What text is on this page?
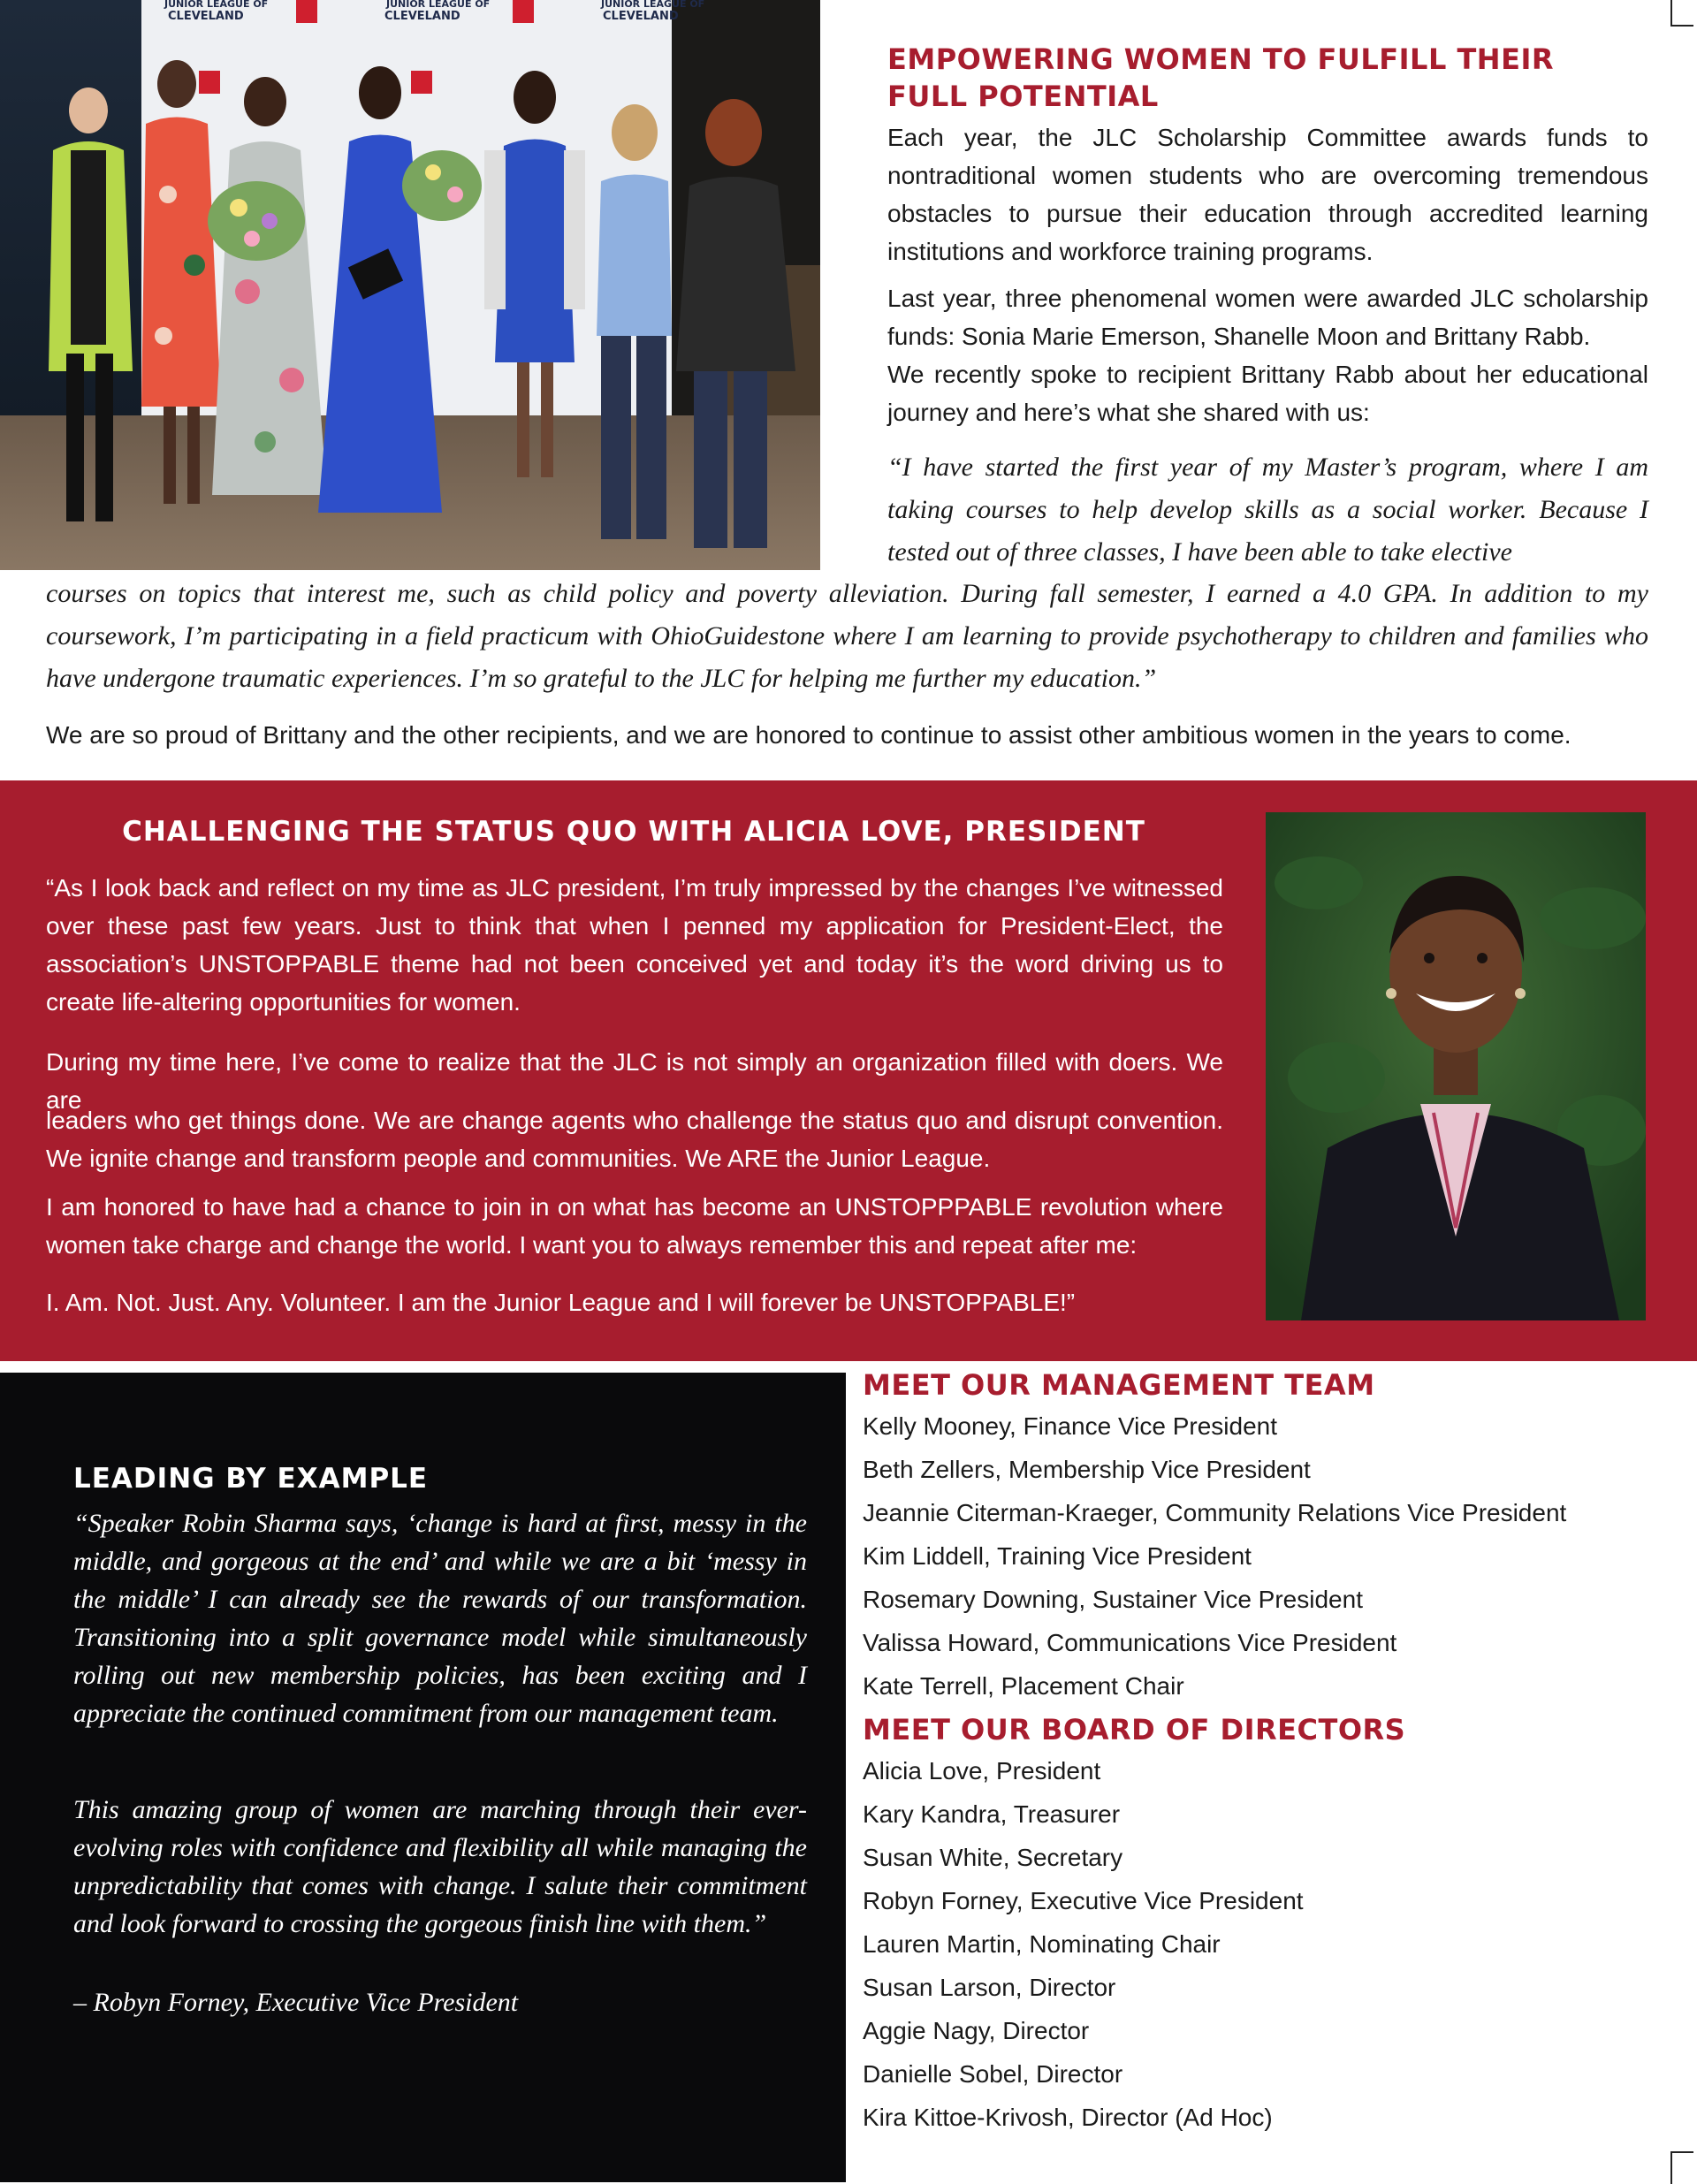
JUNIOR LEAGUE OF
CLEVELAND
JUNIOR LEAGUE OF
CLEVELAND
JUNIOR LEAGUE OF
CLEVELAND
EMPOWERING WOMEN TO FULFILL THEIR
FULL POTENTIAL

Each year, the JLC Scholarship Committee awards funds to nontraditional women students who are overcoming tremendous obstacles to pursue their education through accredited learning institutions and workforce training programs.

Last year, three phenomenal women were awarded JLC scholarship funds: Sonia Marie Emerson, Shanelle Moon and Brittany Rabb.

We recently spoke to recipient Brittany Rabb about her educational journey and here’s what she shared with us:

“I have started the first year of my Master’s program, where I am taking courses to help develop skills as a social worker. Because I tested out of three classes, I have been able to take elective
courses on topics that interest me, such as child policy and poverty alleviation. During fall semester, I earned a 4.0 GPA. In addition to my coursework, I’m participating in a field practicum with OhioGuidestone where I am learning to provide psychotherapy to children and families who have undergone traumatic experiences. I’m so grateful to the JLC for helping me further my education.”
We are so proud of Brittany and the other recipients, and we are honored to continue to assist other ambitious women in the years to come.
CHALLENGING THE STATUS QUO WITH ALICIA LOVE, PRESIDENT
“As I look back and reflect on my time as JLC president, I’m truly impressed by the changes I’ve witnessed over these past few years. Just to think that when I penned my application for President-Elect, the association’s UNSTOPPABLE theme had not been conceived yet and today it’s the word driving us to create life-altering opportunities for women.
During my time here, I’ve come to realize that the JLC is not simply an organization filled with doers. We are
leaders who get things done. We are change agents who challenge the status quo and disrupt convention. We ignite change and transform people and communities. We ARE the Junior League.
I am honored to have had a chance to join in on what has become an UNSTOPPPABLE revolution where women take charge and change the world. I want you to always remember this and repeat after me:
I. Am. Not. Just. Any. Volunteer. I am the Junior League and I will forever be UNSTOPPABLE!”
LEADING BY EXAMPLE

“Speaker Robin Sharma says, ‘change is hard at first, messy in the middle, and gorgeous at the end’ and while we are a bit ‘messy in the middle’ I can already see the rewards of our transformation. Transitioning into a split governance model while simultaneously rolling out new membership policies, has been exciting and I appreciate the continued commitment from our management team.

This amazing group of women are marching through their ever-evolving roles with confidence and flexibility all while managing the unpredictability that comes with change. I salute their commitment and look forward to crossing the gorgeous finish line with them.”

– Robyn Forney, Executive Vice President
MEET OUR MANAGEMENT TEAM
Kelly Mooney, Finance Vice President
Beth Zellers, Membership Vice President
Jeannie Citerman-Kraeger, Community Relations Vice President
Kim Liddell, Training Vice President
Rosemary Downing, Sustainer Vice President
Valissa Howard, Communications Vice President
Kate Terrell, Placement Chair
MEET OUR BOARD OF DIRECTORS
Alicia Love, President
Kary Kandra, Treasurer
Susan White, Secretary
Robyn Forney, Executive Vice President
Lauren Martin, Nominating Chair
Susan Larson, Director
Aggie Nagy, Director
Danielle Sobel, Director
Kira Kittoe-Krivosh, Director (Ad Hoc)
